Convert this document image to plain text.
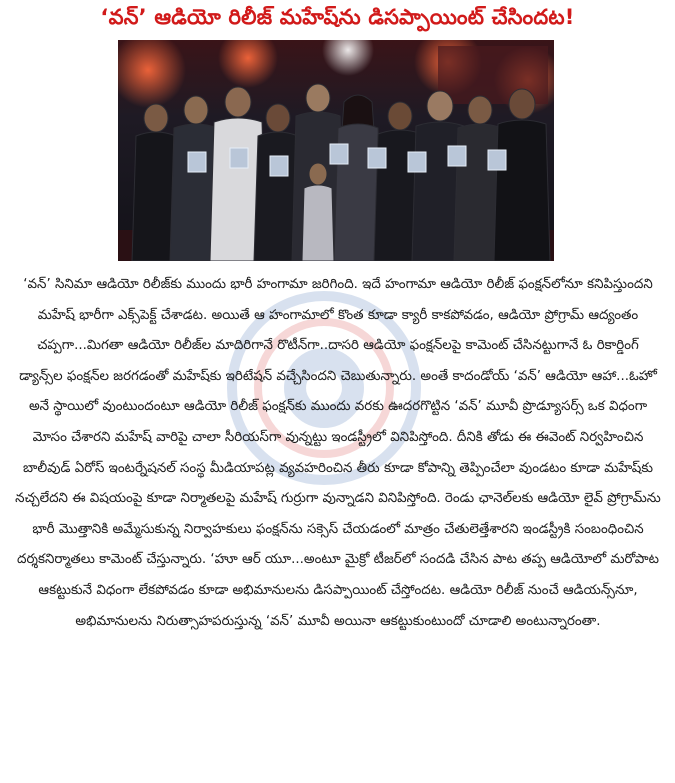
‘వన్’ ఆడియో రిలీజ్ మహేష్‌ను డిసప్పాయింట్ చేసిందట!

‘వన్’ సినిమా ఆడియో రిలీజ్‌కు ముందు భారీ హంగామా జరిగింది. ఇదే హంగామా ఆడియో రిలీజ్ ఫంక్షన్‌లోనూ కనిపిస్తుందని మహేష్ భారీగా ఎక్స్‌పెక్ట్ చేశాడట. అయితే ఆ హంగామాలో కొంత కూడా క్యారీ కాకపోవడం, ఆడియో ప్రోగ్రామ్ ఆద్యంతం చప్పగా...మిగతా ఆడియో రిలీజ్‌ల మాదిరిగానే రొటీన్‌గా..దాసరి ఆడియో ఫంక్షన్‌లపై కామెంట్ చేసినట్టుగానే ఓ రికార్డింగ్ డ్యాన్స్‌ల ఫంక్షన్‌ల జరగడంతో మహేష్‌కు ఇరిటేషన్ వచ్చేసిందని చెబుతున్నారు. అంతే కాదండోయ్ ‘వన్’ ఆడియో ఆహా...ఓహో అనే స్థాయిలో వుంటుందంటూ ఆడియో రిలీజ్ ఫంక్షన్‌కు ముందు వరకు ఊదరగొట్టిన ‘వన్’ మూవీ ప్రొడ్యూసర్స్ ఒక విధంగా మోసం చేశారని మహేష్ వారిపై చాలా సీరియస్‌గా వున్నట్టు ఇండస్ట్రీలో వినిపిస్తోంది. దీనికి తోడు ఈ ఈవెంట్ నిర్వహించిన బాలీవుడ్ ఏరోస్ ఇంటర్నేషనల్ సంస్థ మీడియాపట్ల వ్యవహరించిన తీరు కూడా కోపాన్ని తెప్పించేలా వుండటం కూడా మహేష్‌కు నచ్చలేదని ఈ విషయంపై కూడా నిర్మాతలపై మహేష్ గుర్రుగా వున్నాడని వినిపిస్తోంది. రెండు ఛానెల్‌లకు ఆడియో లైవ్ ప్రోగ్రామ్‌ను భారీ మొత్తానికి అమ్మేసుకున్న నిర్వాహకులు ఫంక్షన్‌ను సక్సెస్ చేయడంలో మాత్రం చేతులెత్తేశారని ఇండస్ట్రీకి సంబంధించిన దర్శకనిర్మాతలు కామెంట్ చేస్తున్నారు. ‘హూ ఆర్ యూ...అంటూ మైక్రో టీజర్‌లో సందడి చేసిన పాట తప్ప ఆడియోలో మరోపాట ఆకట్టుకునే విధంగా లేకపోవడం కూడా అభిమానులను డిసప్పాయింట్ చేస్తోందట. ఆడియో రిలీజ్ నుంచే ఆడియన్స్‌నూ, అభిమానులను నిరుత్సాహపరుస్తున్న ‘వన్’ మూవీ అయినా ఆకట్టుకుంటుందో చూడాలి అంటున్నారంతా.
